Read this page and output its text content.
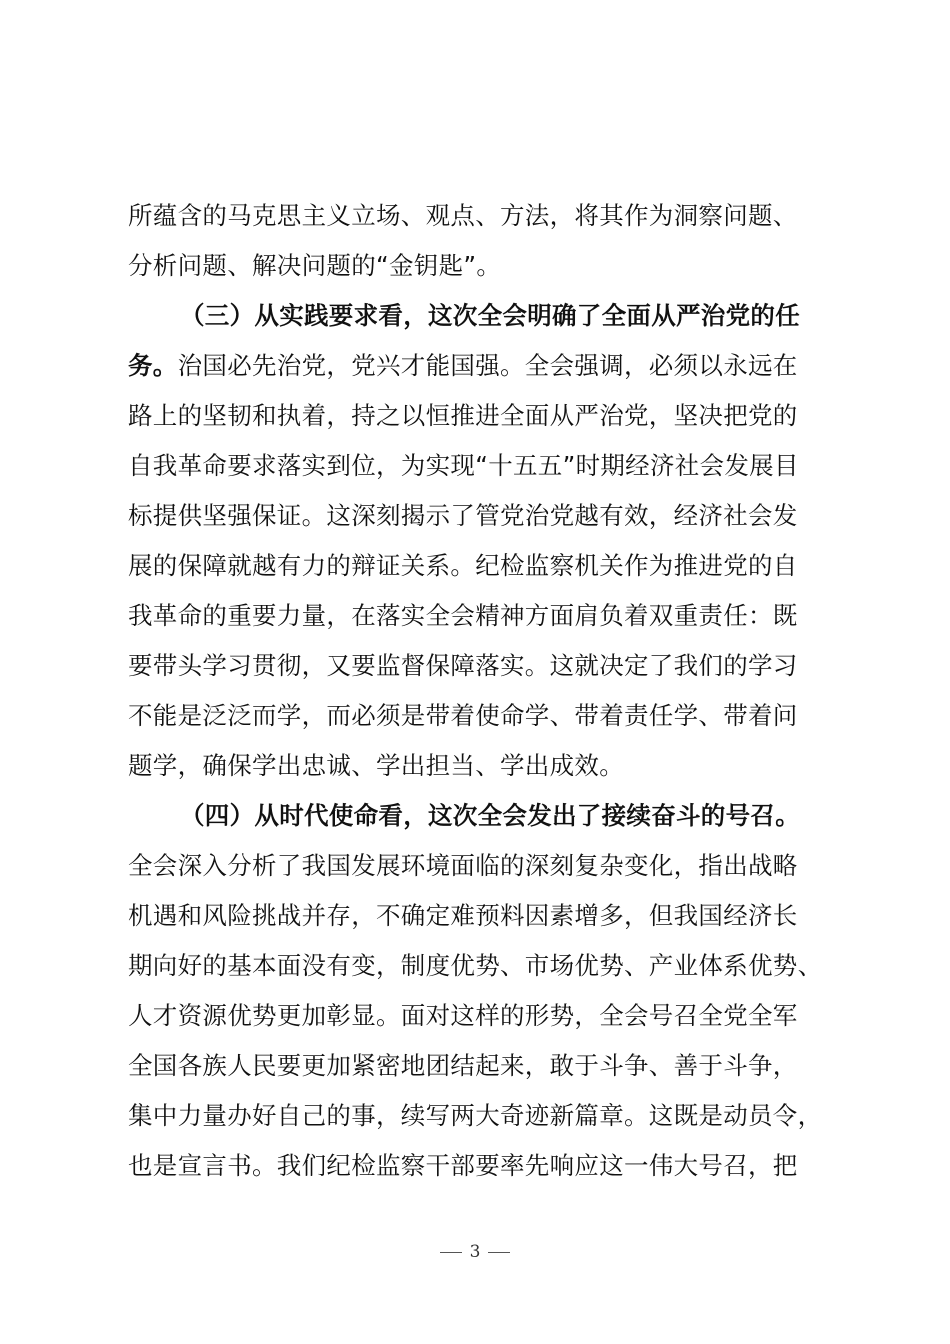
所蕴含的马克思主义立场、观点、方法，将其作为洞察问题、
分析问题、解决问题的“金钥匙”。
（三）从实践要求看，这次全会明确了全面从严治党的任
务。治国必先治党，党兴才能国强。全会强调，必须以永远在
路上的坚韧和执着，持之以恒推进全面从严治党，坚决把党的
自我革命要求落实到位，为实现“十五五”时期经济社会发展目
标提供坚强保证。这深刻揭示了管党治党越有效，经济社会发
展的保障就越有力的辩证关系。纪检监察机关作为推进党的自
我革命的重要力量，在落实全会精神方面肩负着双重责任：既
要带头学习贯彻，又要监督保障落实。这就决定了我们的学习
不能是泛泛而学，而必须是带着使命学、带着责任学、带着问
题学，确保学出忠诚、学出担当、学出成效。
（四）从时代使命看，这次全会发出了接续奋斗的号召。
全会深入分析了我国发展环境面临的深刻复杂变化，指出战略
机遇和风险挑战并存，不确定难预料因素增多，但我国经济长
期向好的基本面没有变，制度优势、市场优势、产业体系优势、
人才资源优势更加彰显。面对这样的形势，全会号召全党全军
全国各族人民要更加紧密地团结起来，敢于斗争、善于斗争，
集中力量办好自己的事，续写两大奇迹新篇章。这既是动员令，
也是宣言书。我们纪检监察干部要率先响应这一伟大号召，把
3
